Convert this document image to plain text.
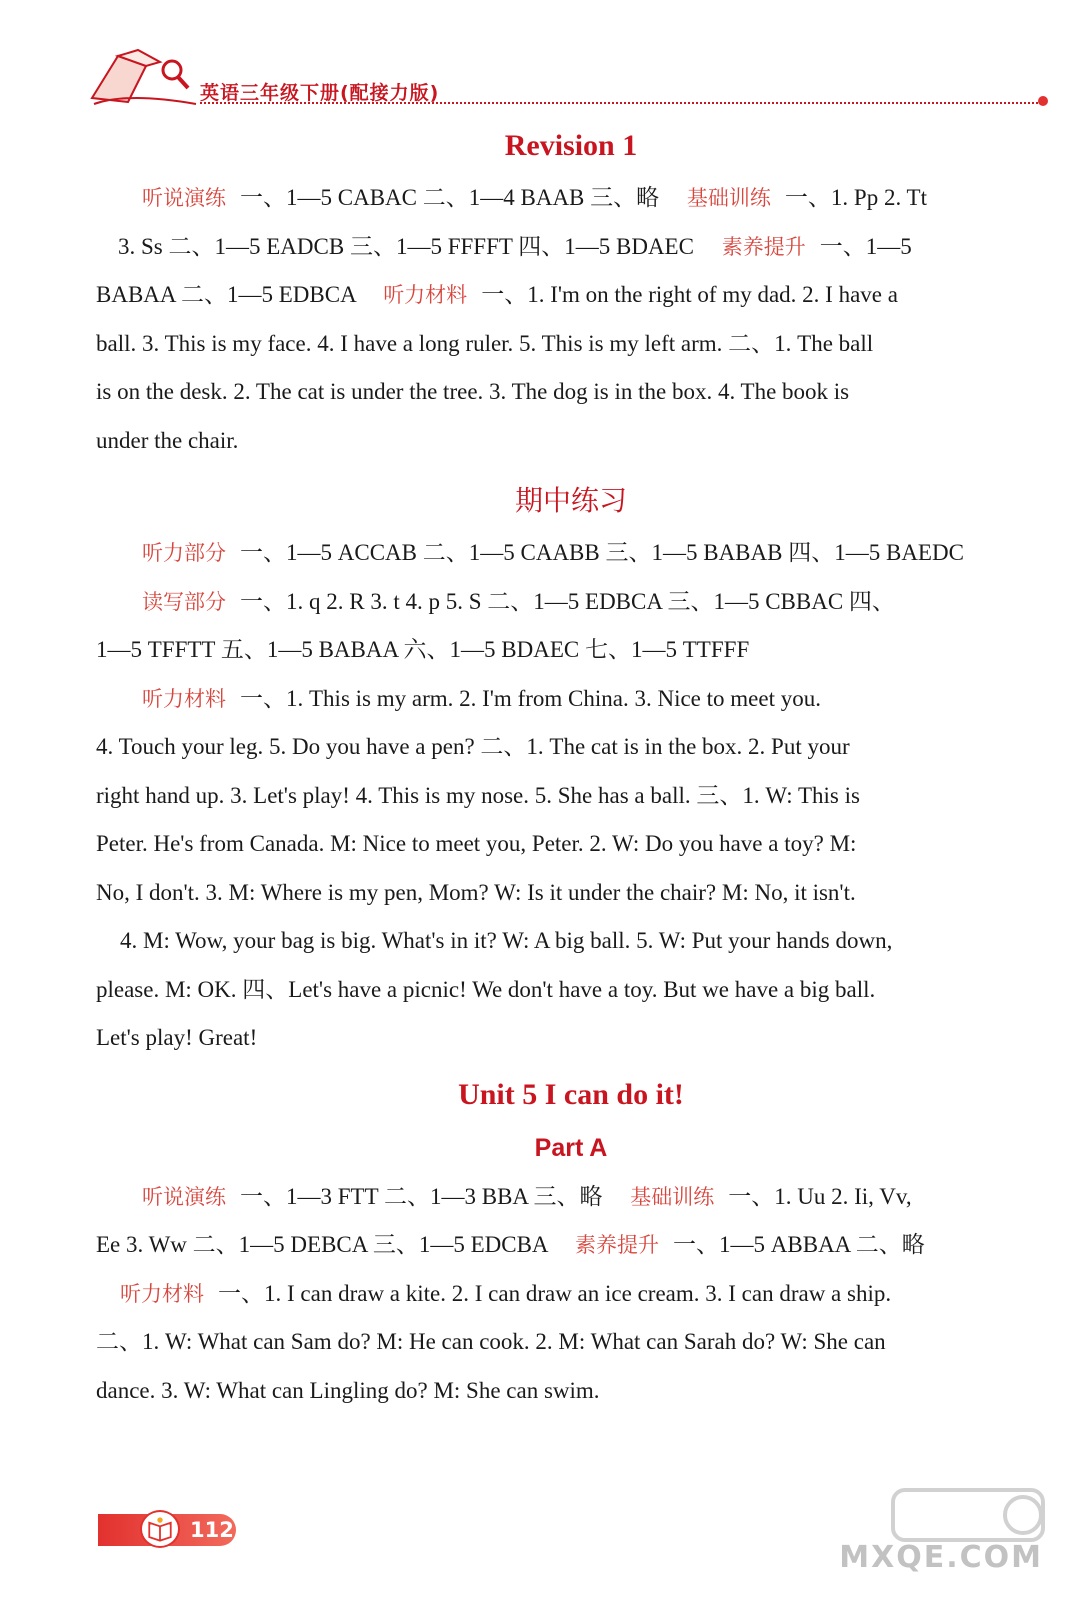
英语三年级下册(配接力版)
Revision 1

听说演练 一、1—5 CABAC 二、1—4 BAAB 三、略 基础训练 一、1. Pp 2. Tt
3. Ss 二、1—5 EADCB 三、1—5 FFFFT 四、1—5 BDAEC 素养提升 一、1—5
BABAA 二、1—5 EDBCA 听力材料 一、1. I'm on the right of my dad. 2. I have a
ball. 3. This is my face. 4. I have a long ruler. 5. This is my left arm. 二、1. The ball
is on the desk. 2. The cat is under the tree. 3. The dog is in the box. 4. The book is
under the chair.

期中练习

听力部分 一、1—5 ACCAB 二、1—5 CAABB 三、1—5 BABAB 四、1—5 BAEDC
读写部分 一、1. q 2. R 3. t 4. p 5. S 二、1—5 EDBCA 三、1—5 CBBAC 四、
1—5 TFFTT 五、1—5 BABAA 六、1—5 BDAEC 七、1—5 TTFFF
听力材料 一、1. This is my arm. 2. I'm from China. 3. Nice to meet you.
4. Touch your leg. 5. Do you have a pen? 二、1. The cat is in the box. 2. Put your
right hand up. 3. Let's play! 4. This is my nose. 5. She has a ball. 三、1. W: This is
Peter. He's from Canada. M: Nice to meet you, Peter. 2. W: Do you have a toy? M:
No, I don't. 3. M: Where is my pen, Mom? W: Is it under the chair? M: No, it isn't.
4. M: Wow, your bag is big. What's in it? W: A big ball. 5. W: Put your hands down,
please. M: OK. 四、Let's have a picnic! We don't have a toy. But we have a big ball.
Let's play! Great!

Unit 5 I can do it!
Part A

听说演练 一、1—3 FTT 二、1—3 BBA 三、略 基础训练 一、1. Uu 2. Ii, Vv,
Ee 3. Ww 二、1—5 DEBCA 三、1—5 EDCBA 素养提升 一、1—5 ABBAA 二、略
听力材料 一、1. I can draw a kite. 2. I can draw an ice cream. 3. I can draw a ship.
二、1. W: What can Sam do? M: He can cook. 2. M: What can Sarah do? W: She can
dance. 3. W: What can Lingling do? M: She can swim.

112
MXQE.COM
